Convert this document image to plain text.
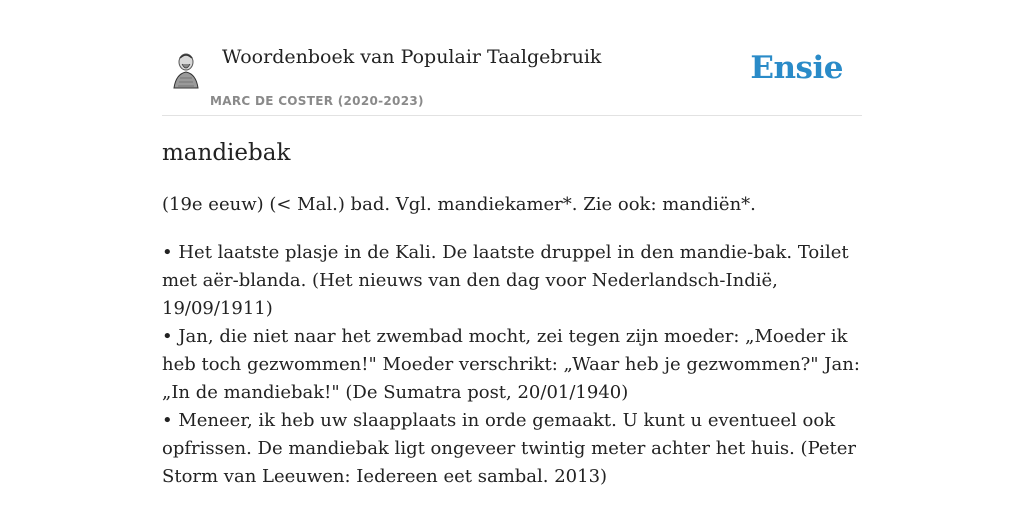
Woordenboek van Populair Taalgebruik
MARC DE COSTER (2020-2023)
Ensie
mandiebak
(19e eeuw) (< Mal.) bad. Vgl. mandiekamer*. Zie ook: mandiën*.
• Het laatste plasje in de Kali. De laatste druppel in den mandie-bak. Toilet met aër-blanda. (Het nieuws van den dag voor Nederlandsch-Indië, 19/09/1911)
• Jan, die niet naar het zwembad mocht, zei tegen zijn moeder: „Moeder ik heb toch gezwommen!" Moeder verschrikt: „Waar heb je gezwommen?" Jan: „In de mandiebak!" (De Sumatra post, 20/01/1940)
• Meneer, ik heb uw slaapplaats in orde gemaakt. U kunt u eventueel ook opfrissen. De mandiebak ligt ongeveer twintig meter achter het huis. (Peter Storm van Leeuwen: Iedereen eet sambal. 2013)
